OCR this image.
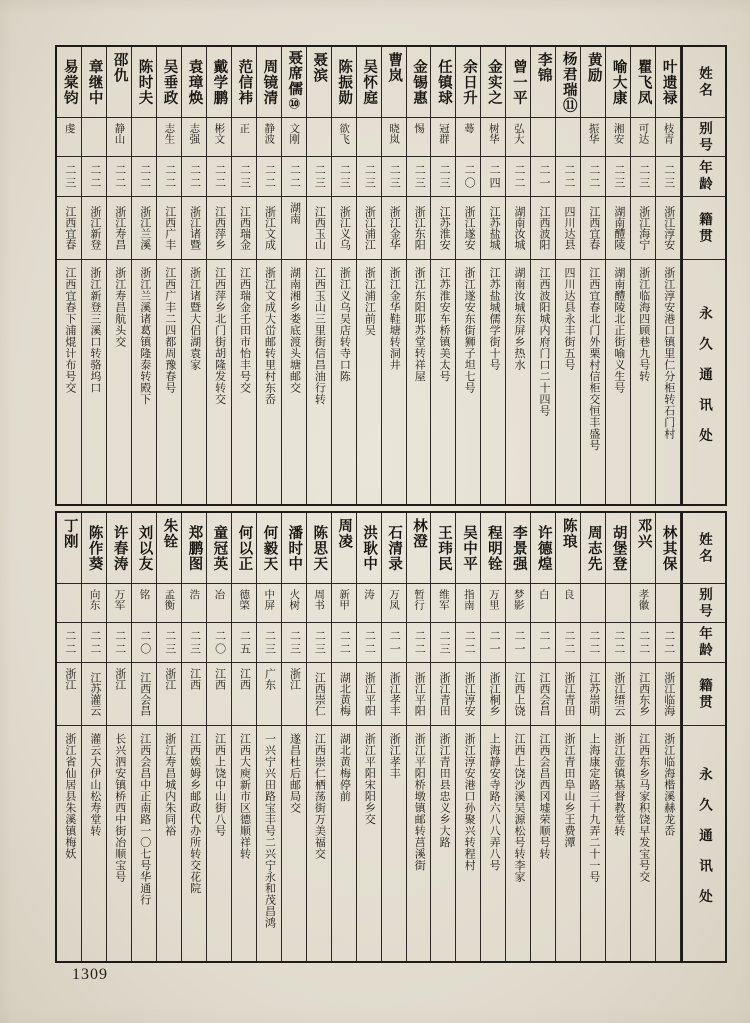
姓名
别号
年龄
籍贯
永久通讯处
叶遗禄
枝青
二三
浙江淳安
浙江淳安港口镇里仁分柜转石门村
瞿飞凤
可达
二三
浙江海宁
浙江临海四顾巷九号转
喻大康
湘安
二三
湖南醴陵
湖南醴陵北正街喻义生号
黄励
振华
二二
江西宜春
江西宜春北门外栗村信柜交恒丰盛号
杨君瑞⑪
二二
四川达县
四川达县永丰街五号
李锦
二一
江西波阳
江西波阳城内府门口二十四号
曾一平
弘大
二二
湖南汝城
湖南汝城东屏乡热水
金实之
树华
二四
江苏盐城
江苏盐城儒学街十号
余日升
蕚
二〇
浙江遂安
浙江遂安东街狮子坦七号
任镇球
冠群
二三
江苏淮安
江苏淮安车桥镇美太号
金锡惠
惕
二三
浙江东阳
浙江东阳耶苏堂转祥屋
曹岚
晓岚
二三
浙江金华
浙江金华鞋塘转洞井
吴怀庭
二三
浙江浦江
浙江浦江前吴
陈振勋
欲飞
二三
浙江义乌
浙江义乌吴店转寺口陈
聂滨
二三
江西玉山
江西玉山三里街信昌油行转
聂席儒⑩
文刚
二二
湖南
湖南湘乡娄底渡头塘邮交
周镜清
静波
二二
浙江文成
浙江文成大峃邮转里村东岙
范信袆
正
二三
江西瑞金
江西瑞金壬田市怡丰号交
戴学鹏
彬文
二二
江西萍乡
江西萍乡北门街胡隆发转交
袁璋焕
志强
二二
浙江诸暨
浙江诸暨大侣湖袁家
吴垂政
志生
二二
江西广丰
江西广丰二四都周豫春号
陈时夫
二二
浙江兰溪
浙江兰溪诸葛镇隆泰转殿下
邵仇
静山
二二
浙江寿昌
浙江寿昌航头交
章继中
二二
浙江新登
浙江新登三溪口转骆坞口
易棠钧
虔
二三
江西宜春
江西宜春下浦焜计布号交
姓名
别号
年龄
籍贯
永久通讯处
林其保
二二
浙江临海
浙江临海楷溪赫龙岙
邓兴
孝徽
二二
江西东乡
江西东乡马家积饶早发宝号交
胡堡登
二二
浙江缙云
浙江壶镇基督教堂转
周志先
二二
江苏崇明
上海康定路三十九弄二十一号
陈琅
良
二二
浙江青田
浙江青田阜山乡王费潭
许德煌
白
二一
江西会昌
江西会昌西冈墟荣顺号转
李景强
梦影
二一
江西上饶
江西上饶沙溪吴源松号转李家
程明铨
万里
二一
浙江桐乡
上海静安寺路六八八弄八号
吴中平
指南
二二
浙江淳安
浙江淳安港口孙聚兴转程村
王玮民
维军
二三
浙江青田
浙江青田县忠义乡大路
林澄
暂行
二二
浙江平阳
浙江平阳桥墩镇邮转莒溪街
石清录
万凤
二一
浙江孝丰
浙江孝丰
洪耿中
涛
二二
浙江平阳
浙江平阳宋阳乡交
周凌
新甲
二二
湖北黄梅
湖北黄梅停前
陈思天
周书
二三
江西崇仁
江西崇仁栖荡街万美福交
潘时中
火树
二三
浙江
遂昌杜后邮局交
何毅天
中屏
二三
广东
一兴宁兴田路宝丰号二兴宁永和茂昌鸿
何以正
德棨
二五
江西
江西大庾新市区德顺祥转
童冠英
冶
二〇
江西
江西上饶中山街八号
郑鹏图
浩
二三
江西
江西娭姆乡邮政代办所转交花院
朱铨
孟衡
二三
浙江
浙江寿昌城内朱同裕
刘以友
铭
二〇
江西会昌
江西会昌中正南路一〇七号华通行
许春涛
万军
二二
浙江
长兴泗安镇桥西中街冶顺宝号
陈作葵
向东
二二
江苏灌云
灌云大伊山松寿堂转
丁刚
二二
浙江
浙江省仙居县朱溪镇梅妖
1309
